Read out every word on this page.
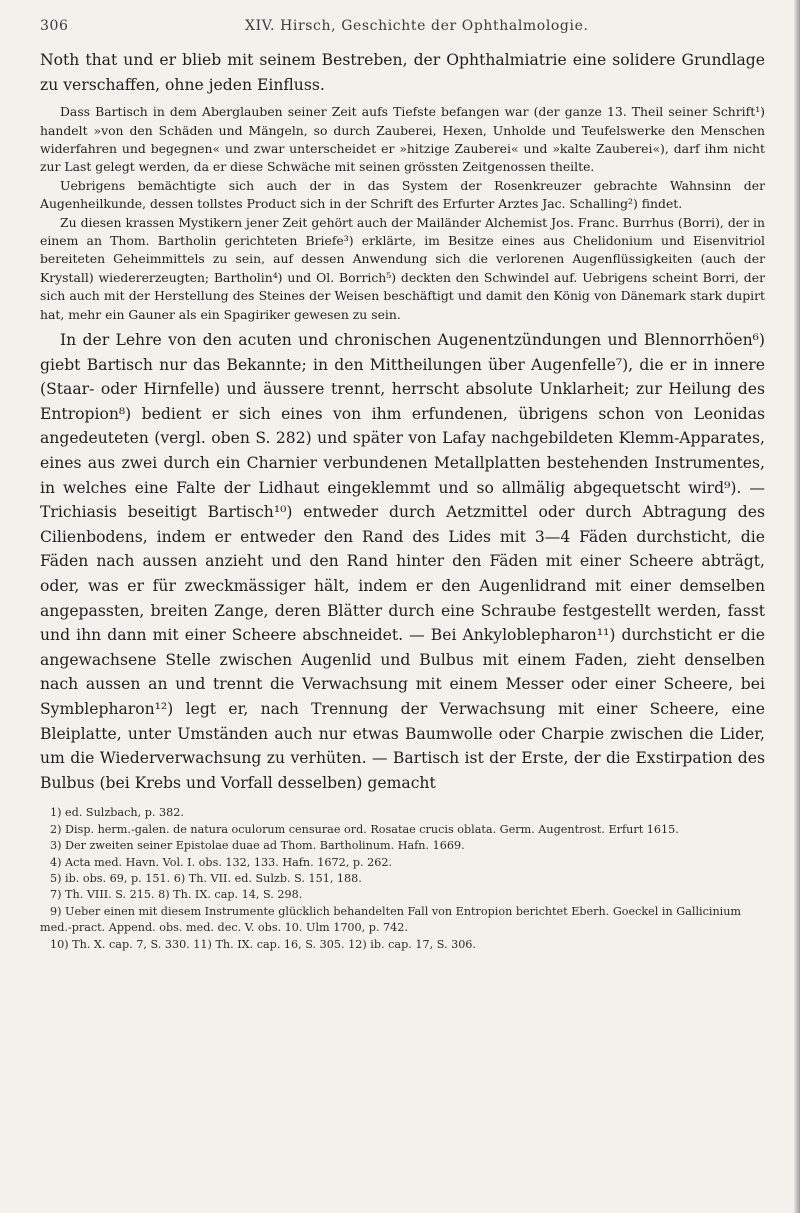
306	XIV. Hirsch, Geschichte der Ophthalmologie.

Noth that und er blieb mit seinem Bestreben, der Ophthalmiatrie eine solidere Grundlage zu verschaffen, ohne jeden Einfluss.

Dass Bartisch in dem Aberglauben seiner Zeit aufs Tiefste befangen war (der ganze 13. Theil seiner Schrift¹) handelt »von den Schäden und Mängeln, so durch Zauberei, Hexen, Unholde und Teufelswerke den Menschen widerfahren und begegnen« und zwar unterscheidet er »hitzige Zauberei« und »kalte Zauberei«), darf ihm nicht zur Last gelegt werden, da er diese Schwäche mit seinen grössten Zeitgenossen theilte.

Uebrigens bemächtigte sich auch der in das System der Rosenkreuzer gebrachte Wahnsinn der Augenheilkunde, dessen tollstes Product sich in der Schrift des Erfurter Arztes Jac. Schalling²) findet.

Zu diesen krassen Mystikern jener Zeit gehört auch der Mailänder Alchemist Jos. Franc. Burrhus (Borri), der in einem an Thom. Bartholin gerichteten Briefe³) erklärte, im Besitze eines aus Chelidonium und Eisenvitriol bereiteten Geheimmittels zu sein, auf dessen Anwendung sich die verlorenen Augenflüssigkeiten (auch der Krystall) wiedererzeugten; Bartholin⁴) und Ol. Borrich⁵) deckten den Schwindel auf. Uebrigens scheint Borri, der sich auch mit der Herstellung des Steines der Weisen beschäftigt und damit den König von Dänemark stark dupirt hat, mehr ein Gauner als ein Spagiriker gewesen zu sein.

In der Lehre von den acuten und chronischen Augenentzündungen und Blennorrhöen⁶) giebt Bartisch nur das Bekannte; in den Mittheilungen über Augenfelle⁷), die er in innere (Staar- oder Hirnfelle) und äussere trennt, herrscht absolute Unklarheit; zur Heilung des Entropion⁸) bedient er sich eines von ihm erfundenen, übrigens schon von Leonidas angedeuteten (vergl. oben S. 282) und später von Lafay nachgebildeten Klemm-Apparates, eines aus zwei durch ein Charnier verbundenen Metallplatten bestehenden Instrumentes, in welches eine Falte der Lidhaut eingeklemmt und so allmälig abgequetscht wird⁹). — Trichiasis beseitigt Bartisch¹⁰) entweder durch Aetzmittel oder durch Abtragung des Cilienbodens, indem er entweder den Rand des Lides mit 3—4 Fäden durchsticht, die Fäden nach aussen anzieht und den Rand hinter den Fäden mit einer Scheere abträgt, oder, was er für zweckmässiger hält, indem er den Augenlidrand mit einer demselben angepassten, breiten Zange, deren Blätter durch eine Schraube festgestellt werden, fasst und ihn dann mit einer Scheere abschneidet. — Bei Ankyloblepharon¹¹) durchsticht er die angewachsene Stelle zwischen Augenlid und Bulbus mit einem Faden, zieht denselben nach aussen an und trennt die Verwachsung mit einem Messer oder einer Scheere, bei Symblepharon¹²) legt er, nach Trennung der Verwachsung mit einer Scheere, eine Bleiplatte, unter Umständen auch nur etwas Baumwolle oder Charpie zwischen die Lider, um die Wiederverwachsung zu verhüten. — Bartisch ist der Erste, der die Exstirpation des Bulbus (bei Krebs und Vorfall desselben) gemacht

1) ed. Sulzbach, p. 382.

2) Disp. herm.-galen. de natura oculorum censurae ord. Rosatae crucis oblata. Germ. Augentrost. Erfurt 1615.

3) Der zweiten seiner Epistolae duae ad Thom. Bartholinum. Hafn. 1669.

4) Acta med. Havn. Vol. I. obs. 132, 133. Hafn. 1672, p. 262.

5) ib. obs. 69, p. 151. 6) Th. VII. ed. Sulzb. S. 151, 188.

7) Th. VIII. S. 215. 8) Th. IX. cap. 14, S. 298.

9) Ueber einen mit diesem Instrumente glücklich behandelten Fall von Entropion berichtet Eberh. Goeckel in Gallicinium med.-pract. Append. obs. med. dec. V. obs. 10. Ulm 1700, p. 742.

10) Th. X. cap. 7, S. 330. 11) Th. IX. cap. 16, S. 305. 12) ib. cap. 17, S. 306.
